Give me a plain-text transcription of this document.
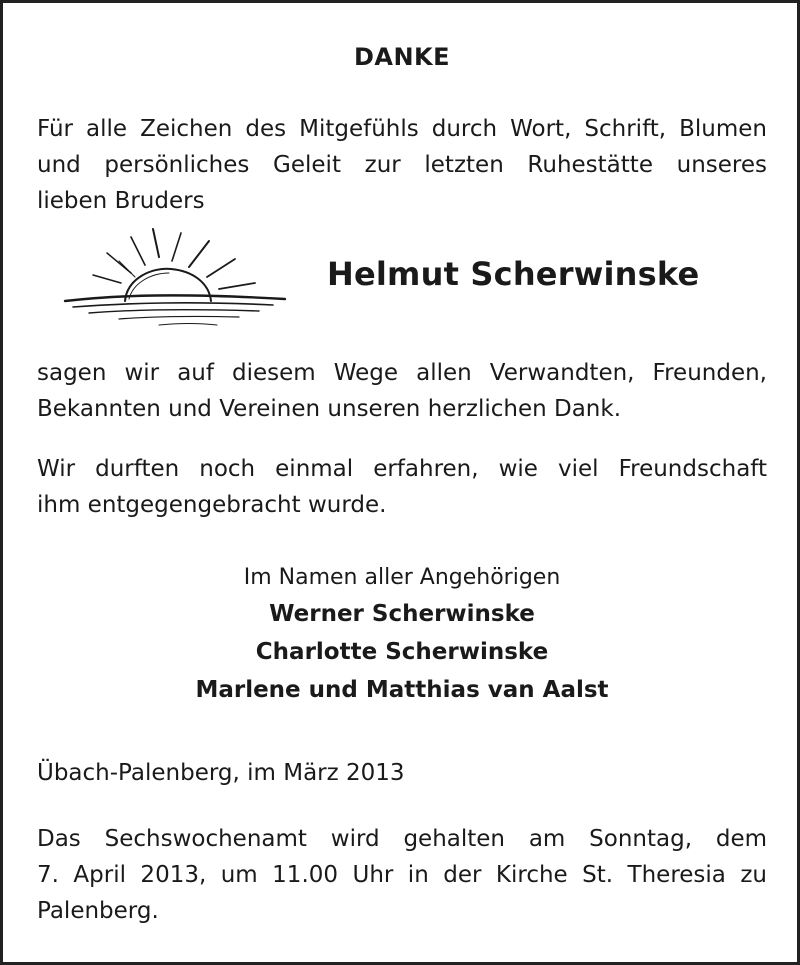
DANKE
Für alle Zeichen des Mitgefühls durch Wort, Schrift, Blumen
und persönliches Geleit zur letzten Ruhestätte unseres
lieben Bruders
Helmut Scherwinske
sagen wir auf diesem Wege allen Verwandten, Freunden,
Bekannten und Vereinen unseren herzlichen Dank.
Wir durften noch einmal erfahren, wie viel Freundschaft
ihm entgegengebracht wurde.
Im Namen aller Angehörigen
Werner Scherwinske
Charlotte Scherwinske
Marlene und Matthias van Aalst
Übach-Palenberg, im März 2013
Das Sechswochenamt wird gehalten am Sonntag, dem
7. April 2013, um 11.00 Uhr in der Kirche St. Theresia zu
Palenberg.
